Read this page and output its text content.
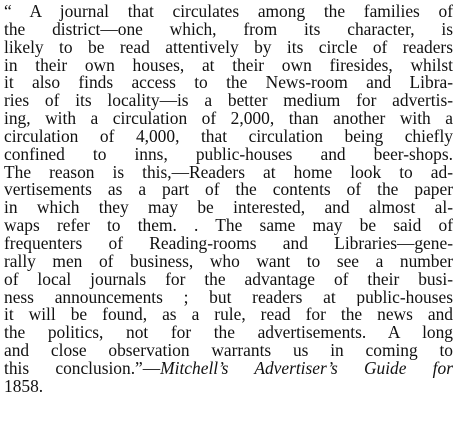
“ A journal that circulates among the families of
the district—one which, from its character, is
likely to be read attentively by its circle of readers
in their own houses, at their own firesides, whilst
it also finds access to the News-room and Libra-
ries of its locality—is a better medium for advertis-
ing, with a circulation of 2,000, than another with a
circulation of 4,000, that circulation being chiefly
confined to inns, public-houses and beer-shops.
The reason is this,—Readers at home look to ad-
vertisements as a part of the contents of the paper
in which they may be interested, and almost al-
waps refer to them. . The same may be said of
frequenters of Reading-rooms and Libraries—gene-
rally men of business, who want to see a number
of local journals for the advantage of their busi-
ness announcements ; but readers at public-houses
it will be found, as a rule, read for the news and
the politics, not for the advertisements. A long
and close observation warrants us in coming to
this conclusion.”—Mitchell’s Advertiser’s Guide for
1858.
